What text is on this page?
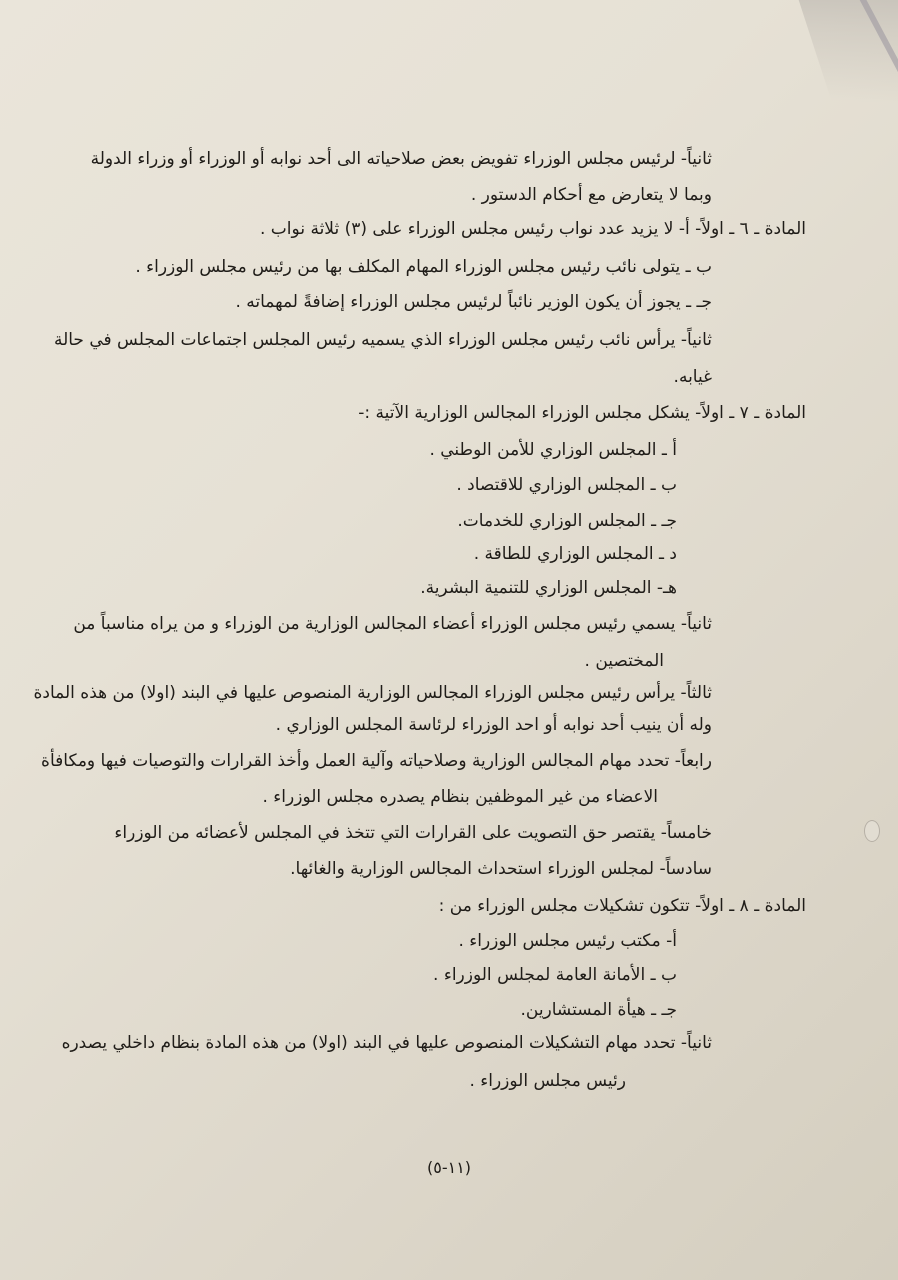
ثانياً- لرئيس مجلس الوزراء تفويض بعض صلاحياته الى أحد نوابه أو الوزراء أو وزراء الدولة
وبما لا يتعارض مع أحكام الدستور .
المادة ـ ٦ ـ اولاً- أ- لا يزيد عدد نواب رئيس مجلس الوزراء على (٣) ثلاثة نواب .
ب ـ يتولى نائب رئيس مجلس الوزراء المهام المكلف بها من رئيس مجلس الوزراء .
جـ ـ يجوز أن يكون الوزير نائباً لرئيس مجلس الوزراء إضافةً لمهماته .
ثانياً- يرأس نائب رئيس مجلس الوزراء الذي يسميه رئيس المجلس اجتماعات المجلس في حالة
غيابه.
المادة ـ ٧ ـ اولاً- يشكل مجلس الوزراء المجالس الوزارية الآتية :-
أ ـ المجلس الوزاري للأمن الوطني .
ب ـ المجلس الوزاري للاقتصاد .
جـ ـ المجلس الوزاري للخدمات.
د ـ المجلس الوزاري للطاقة .
هـ- المجلس الوزاري للتنمية البشرية.
ثانياً- يسمي رئيس مجلس الوزراء أعضاء المجالس الوزارية من الوزراء و من يراه مناسباً من
المختصين .
ثالثاً- يرأس رئيس مجلس الوزراء المجالس الوزارية المنصوص عليها في البند (اولا) من هذه المادة
وله أن ينيب أحد نوابه أو احد الوزراء لرئاسة المجلس الوزاري .
رابعاً- تحدد مهام المجالس الوزارية وصلاحياته وآلية العمل وأخذ القرارات والتوصيات فيها ومكافأة
الاعضاء من غير الموظفين بنظام يصدره مجلس الوزراء .
خامساً- يقتصر حق التصويت على القرارات التي تتخذ في المجلس لأعضائه من الوزراء
سادساً- لمجلس الوزراء استحداث المجالس الوزارية والغائها.
المادة ـ ٨ ـ اولاً- تتكون تشكيلات مجلس الوزراء من :
أ- مكتب رئيس مجلس الوزراء .
ب ـ الأمانة العامة لمجلس الوزراء .
جـ ـ هيأة المستشارين.
ثانياً- تحدد مهام التشكيلات المنصوص عليها في البند (اولا) من هذه المادة بنظام داخلي يصدره
رئيس مجلس الوزراء .
(١١-٥)
